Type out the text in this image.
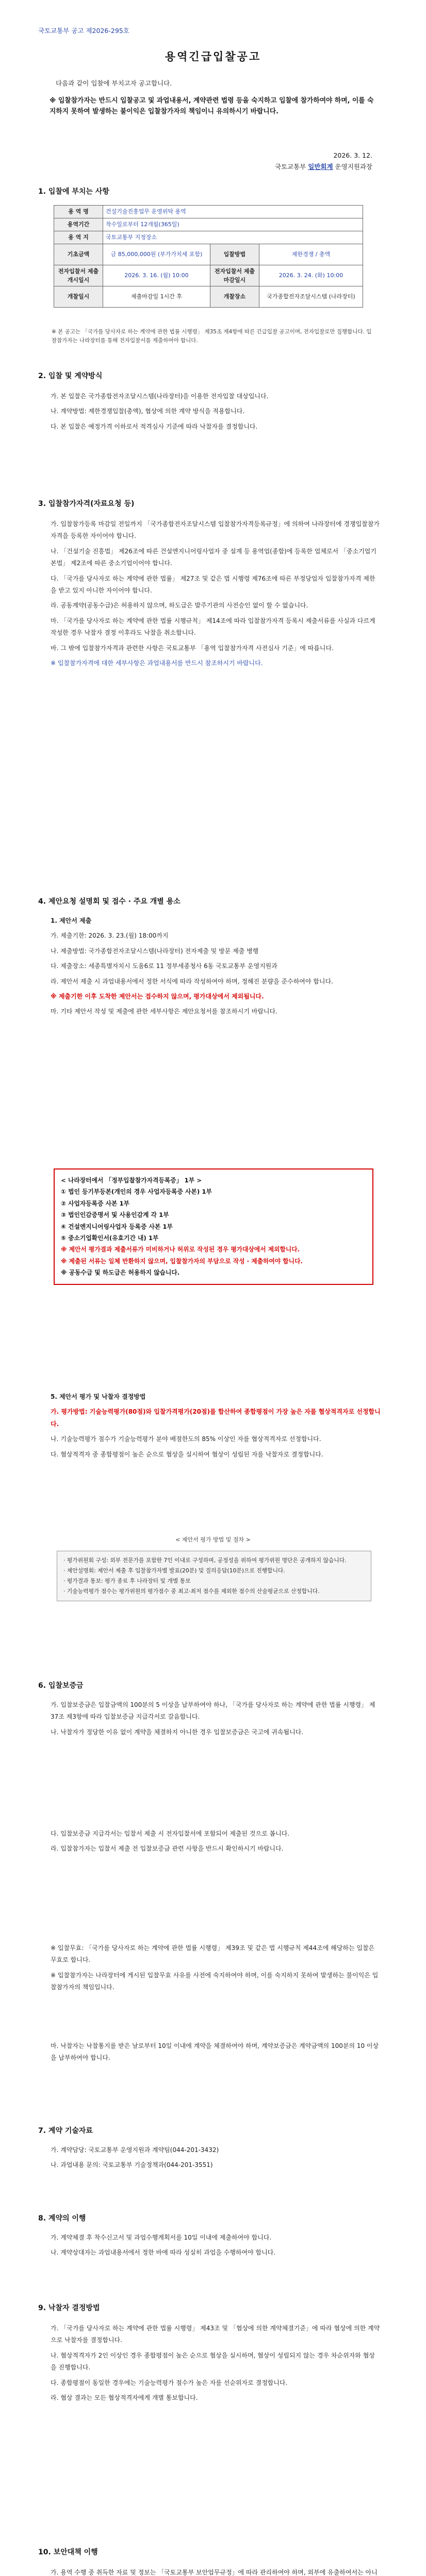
국토교통부 공고 제2026-295호
용역긴급입찰공고
다음과 같이 입찰에 부치고자 공고합니다.
※ 입찰참가자는 반드시 입찰공고 및 과업내용서, 계약관련 법령 등을 숙지하고 입찰에 참가하여야 하며, 이를 숙지하지 못하여 발생하는 불이익은 입찰참가자의 책임이니 유의하시기 바랍니다.
2026. 3. 12.
국토교통부 일반회계 운영지원과장
1. 입찰에 부치는 사항
용 역 명	건설기술진흥업무 운영위탁 용역		
용역기간	착수일로부터 12개월(365일)		
용 역 지	국토교통부 지정장소		
기초금액	금 85,000,000원 (부가가치세 포함)	입찰방법	제한경쟁 / 총액
전자입찰서 제출 개시일시	2026. 3. 16. (월) 10:00	전자입찰서 제출 마감일시	2026. 3. 24. (화) 10:00
개찰일시	제출마감일 1시간 후	개찰장소	국가종합전자조달시스템 (나라장터)
※ 본 공고는 「국가를 당사자로 하는 계약에 관한 법률 시행령」 제35조 제4항에 따른 긴급입찰 공고이며, 전자입찰로만 집행합니다. 입찰참가자는 나라장터를 통해 전자입찰서를 제출하여야 합니다.
2. 입찰 및 계약방식

가. 본 입찰은 국가종합전자조달시스템(나라장터)을 이용한 전자입찰 대상입니다.

나. 계약방법: 제한경쟁입찰(총액), 협상에 의한 계약 방식을 적용합니다.

다. 본 입찰은 예정가격 이하로서 적격심사 기준에 따라 낙찰자를 결정합니다.

3. 입찰참가자격(자료요청 등)

가. 입찰참가등록 마감일 전일까지 「국가종합전자조달시스템 입찰참가자격등록규정」에 의하여 나라장터에 경쟁입찰참가자격을 등록한 자이어야 합니다.

나. 「건설기술 진흥법」 제26조에 따른 건설엔지니어링사업자 중 설계 등 용역업(종합)에 등록한 업체로서 「중소기업기본법」 제2조에 따른 중소기업이어야 합니다.

다. 「국가를 당사자로 하는 계약에 관한 법률」 제27조 및 같은 법 시행령 제76조에 따른 부정당업자 입찰참가자격 제한을 받고 있지 아니한 자이어야 합니다.

라. 공동계약(공동수급)은 허용하지 않으며, 하도급은 발주기관의 사전승인 없이 할 수 없습니다.

마. 「국가를 당사자로 하는 계약에 관한 법률 시행규칙」 제14조에 따라 입찰참가자격 등록시 제출서류를 사실과 다르게 작성한 경우 낙찰자 결정 이후라도 낙찰을 취소합니다.

바. 그 밖에 입찰참가자격과 관련한 사항은 국토교통부 「용역 입찰참가자격 사전심사 기준」에 따릅니다.

※ 입찰참가자격에 대한 세부사항은 과업내용서를 반드시 참조하시기 바랍니다.

4. 제안요청 설명회 및 접수 · 주요 개별 용소

1. 제안서 제출

가. 제출기한: 2026. 3. 23.(월) 18:00까지

나. 제출방법: 국가종합전자조달시스템(나라장터) 전자제출 및 방문 제출 병행

다. 제출장소: 세종특별자치시 도움6로 11 정부세종청사 6동 국토교통부 운영지원과

라. 제안서 제출 시 과업내용서에서 정한 서식에 따라 작성하여야 하며, 정해진 분량을 준수하여야 합니다.

※ 제출기한 이후 도착한 제안서는 접수하지 않으며, 평가대상에서 제외됩니다.

마. 기타 제안서 작성 및 제출에 관한 세부사항은 제안요청서를 참조하시기 바랍니다.

< 나라장터에서 「정부입찰참가자격등록증」 1부 >
① 법인 등기부등본(개인의 경우 사업자등록증 사본) 1부
② 사업자등록증 사본 1부
③ 법인인감증명서 및 사용인감계 각 1부
④ 건설엔지니어링사업자 등록증 사본 1부
⑤ 중소기업확인서(유효기간 내) 1부
※ 제안서 평가결과 제출서류가 미비하거나 허위로 작성된 경우 평가대상에서 제외합니다.
※ 제출된 서류는 일체 반환하지 않으며, 입찰참가자의 부담으로 작성 · 제출하여야 합니다.
※ 공동수급 및 하도급은 허용하지 않습니다.

5. 제안서 평가 및 낙찰자 결정방법

가. 평가방법: 기술능력평가(80점)와 입찰가격평가(20점)를 합산하여 종합평점이 가장 높은 자를 협상적격자로 선정합니다.

나. 기술능력평가 점수가 기술능력평가 분야 배점한도의 85% 이상인 자를 협상적격자로 선정합니다.

다. 협상적격자 중 종합평점이 높은 순으로 협상을 실시하여 협상이 성립된 자를 낙찰자로 결정합니다.

< 제안서 평가 방법 및 절차 >
· 평가위원회 구성: 외부 전문가를 포함한 7인 이내로 구성하며, 공정성을 위하여 평가위원 명단은 공개하지 않습니다.
· 제안설명회: 제안서 제출 후 입찰참가자별 발표(20분) 및 질의응답(10분)으로 진행합니다.
· 평가결과 통보: 평가 종료 후 나라장터 및 개별 통보
· 기술능력평가 점수는 평가위원의 평가점수 중 최고·최저 점수를 제외한 점수의 산술평균으로 산정합니다.
6. 입찰보증금

가. 입찰보증금은 입찰금액의 100분의 5 이상을 납부하여야 하나, 「국가를 당사자로 하는 계약에 관한 법률 시행령」 제37조 제3항에 따라 입찰보증금 지급각서로 갈음합니다.

나. 낙찰자가 정당한 이유 없이 계약을 체결하지 아니한 경우 입찰보증금은 국고에 귀속됩니다.

다. 입찰보증금 지급각서는 입찰서 제출 시 전자입찰서에 포함되어 제출된 것으로 봅니다.

라. 입찰참가자는 입찰서 제출 전 입찰보증금 관련 사항을 반드시 확인하시기 바랍니다.

※ 입찰무효: 「국가를 당사자로 하는 계약에 관한 법률 시행령」 제39조 및 같은 법 시행규칙 제44조에 해당하는 입찰은 무효로 합니다.

※ 입찰참가자는 나라장터에 게시된 입찰무효 사유를 사전에 숙지하여야 하며, 이를 숙지하지 못하여 발생하는 불이익은 입찰참가자의 책임입니다.

마. 낙찰자는 낙찰통지를 받은 날로부터 10일 이내에 계약을 체결하여야 하며, 계약보증금은 계약금액의 100분의 10 이상을 납부하여야 합니다.

7. 계약 기술자료

가. 계약담당: 국토교통부 운영지원과 계약팀(044-201-3432)

나. 과업내용 문의: 국토교통부 기술정책과(044-201-3551)

8. 계약의 이행

가. 계약체결 후 착수신고서 및 과업수행계획서를 10일 이내에 제출하여야 합니다.

나. 계약상대자는 과업내용서에서 정한 바에 따라 성실히 과업을 수행하여야 합니다.

9. 낙찰자 결정방법

가. 「국가를 당사자로 하는 계약에 관한 법률 시행령」 제43조 및 「협상에 의한 계약체결기준」에 따라 협상에 의한 계약으로 낙찰자를 결정합니다.

나. 협상적격자가 2인 이상인 경우 종합평점이 높은 순으로 협상을 실시하며, 협상이 성립되지 않는 경우 차순위자와 협상을 진행합니다.

다. 종합평점이 동일한 경우에는 기술능력평가 점수가 높은 자를 선순위자로 결정합니다.

라. 협상 결과는 모든 협상적격자에게 개별 통보합니다.

10. 보안대책 이행

가. 용역 수행 중 취득한 자료 및 정보는 「국토교통부 보안업무규정」에 따라 관리하여야 하며, 외부에 유출하여서는 아니
